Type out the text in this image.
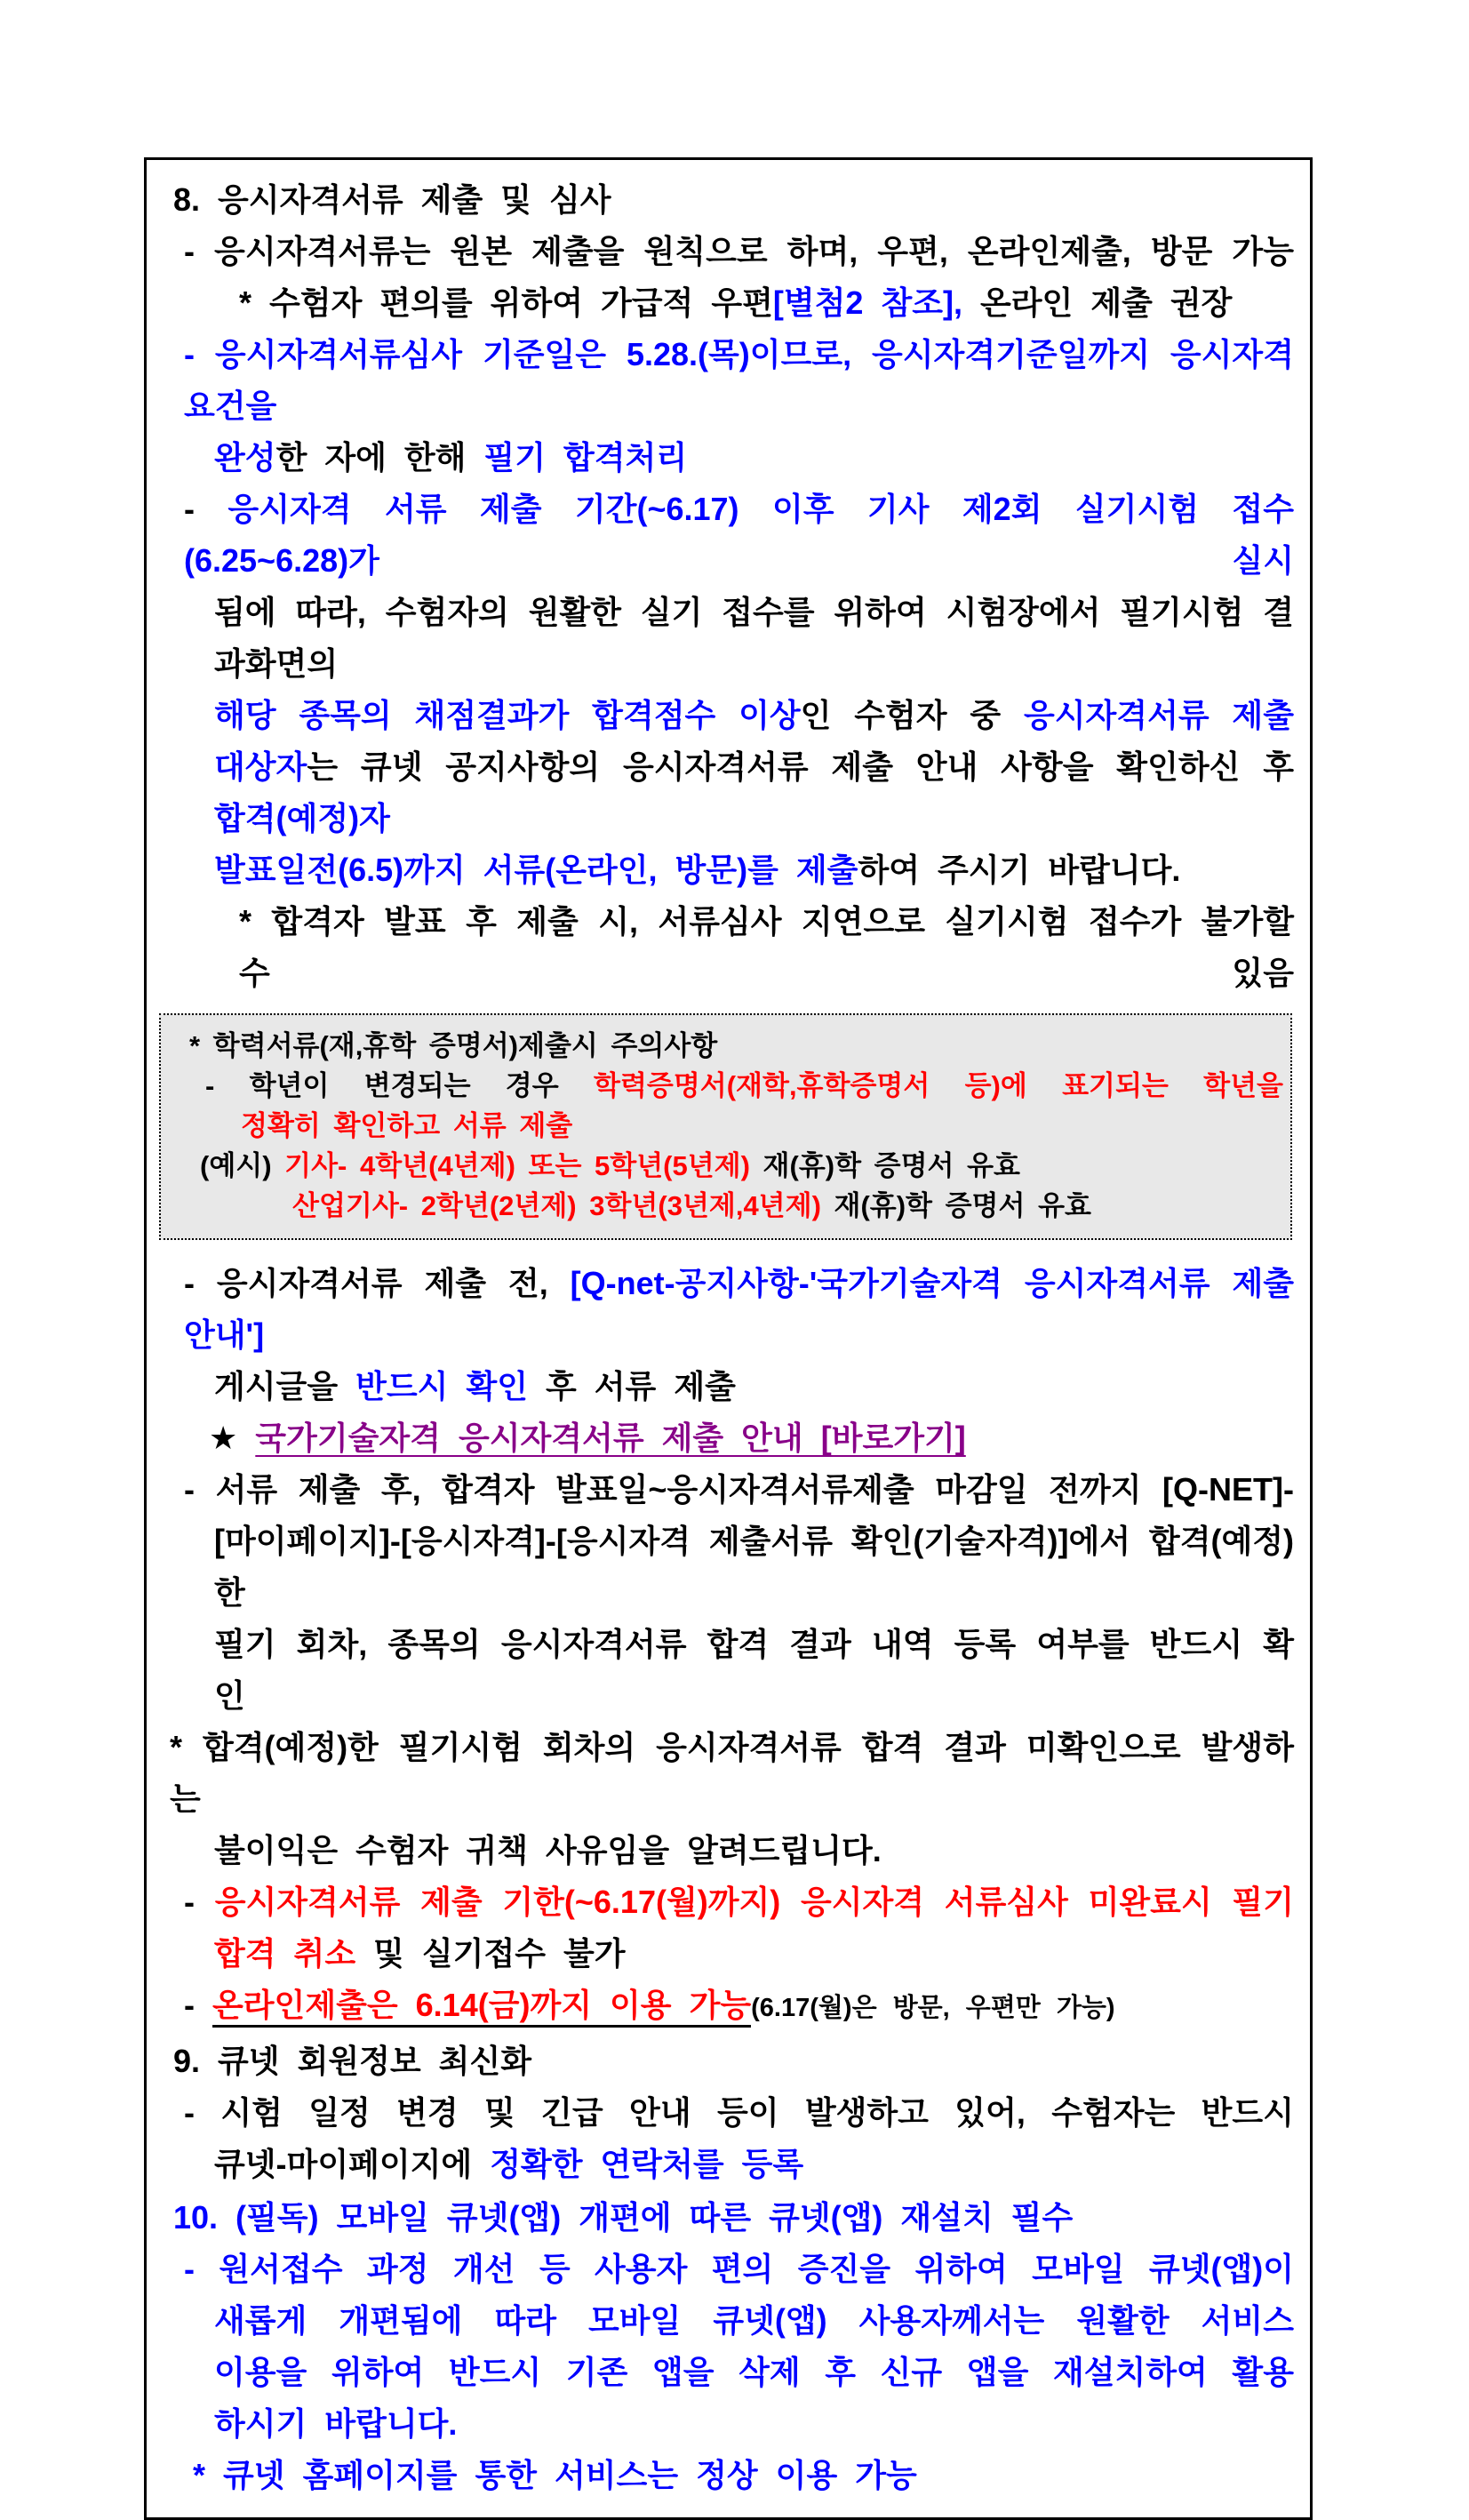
8. 응시자격서류 제출 및 심사
- 응시자격서류는 원본 제출을 원칙으로 하며, 우편, 온라인제출, 방문 가능
* 수험자 편의를 위하여 가급적 우편[별첨2 참조], 온라인 제출 권장
- 응시자격서류심사 기준일은 5.28.(목)이므로, 응시자격기준일까지 응시자격요건을
완성한 자에 한해 필기 합격처리
- 응시자격 서류 제출 기간(~6.17) 이후 기사 제2회 실기시험 접수(6.25~6.28)가 실시
됨에 따라, 수험자의 원활한 실기 접수를 위하여 시험장에서 필기시험 결과화면의
해당 종목의 채점결과가 합격점수 이상인 수험자 중 응시자격서류 제출
대상자는 큐넷 공지사항의 응시자격서류 제출 안내 사항을 확인하신 후 합격(예정)자
발표일전(6.5)까지 서류(온라인, 방문)를 제출하여 주시기 바랍니다.
* 합격자 발표 후 제출 시, 서류심사 지연으로 실기시험 접수가 불가할 수 있음
* 학력서류(재,휴학 증명서)제출시 주의사항
- 학년이 변경되는 경우 학력증명서(재학,휴학증명서 등)에 표기되는 학년을
정확히 확인하고 서류 제출
(예시) 기사- 4학년(4년제) 또는 5학년(5년제) 재(휴)학 증명서 유효
산업기사- 2학년(2년제) 3학년(3년제,4년제) 재(휴)학 증명서 유효
- 응시자격서류 제출 전, [Q-net-공지사항-'국가기술자격 응시자격서류 제출 안내']
게시글을 반드시 확인 후 서류 제출
★ 국가기술자격 응시자격서류 제출 안내 [바로가기]
- 서류 제출 후, 합격자 발표일~응시자격서류제출 마감일 전까지 [Q-NET]-
[마이페이지]-[응시자격]-[응시자격 제출서류 확인(기술자격)]에서 합격(예정)한
필기 회차, 종목의 응시자격서류 합격 결과 내역 등록 여부를 반드시 확인
* 합격(예정)한 필기시험 회차의 응시자격서류 합격 결과 미확인으로 발생하는
불이익은 수험자 귀책 사유임을 알려드립니다.
- 응시자격서류 제출 기한(~6.17(월)까지) 응시자격 서류심사 미완료시 필기
합격 취소 및 실기접수 불가
- 온라인제출은 6.14(금)까지 이용 가능(6.17(월)은 방문, 우편만 가능)
9. 큐넷 회원정보 최신화
- 시험 일정 변경 및 긴급 안내 등이 발생하고 있어, 수험자는 반드시
큐넷-마이페이지에 정확한 연락처를 등록
10. (필독) 모바일 큐넷(앱) 개편에 따른 큐넷(앱) 재설치 필수
- 원서접수 과정 개선 등 사용자 편의 증진을 위하여 모바일 큐넷(앱)이
새롭게 개편됨에 따라 모바일 큐넷(앱) 사용자께서는 원활한 서비스
이용을 위하여 반드시 기존 앱을 삭제 후 신규 앱을 재설치하여 활용
하시기 바랍니다.
* 큐넷 홈페이지를 통한 서비스는 정상 이용 가능
